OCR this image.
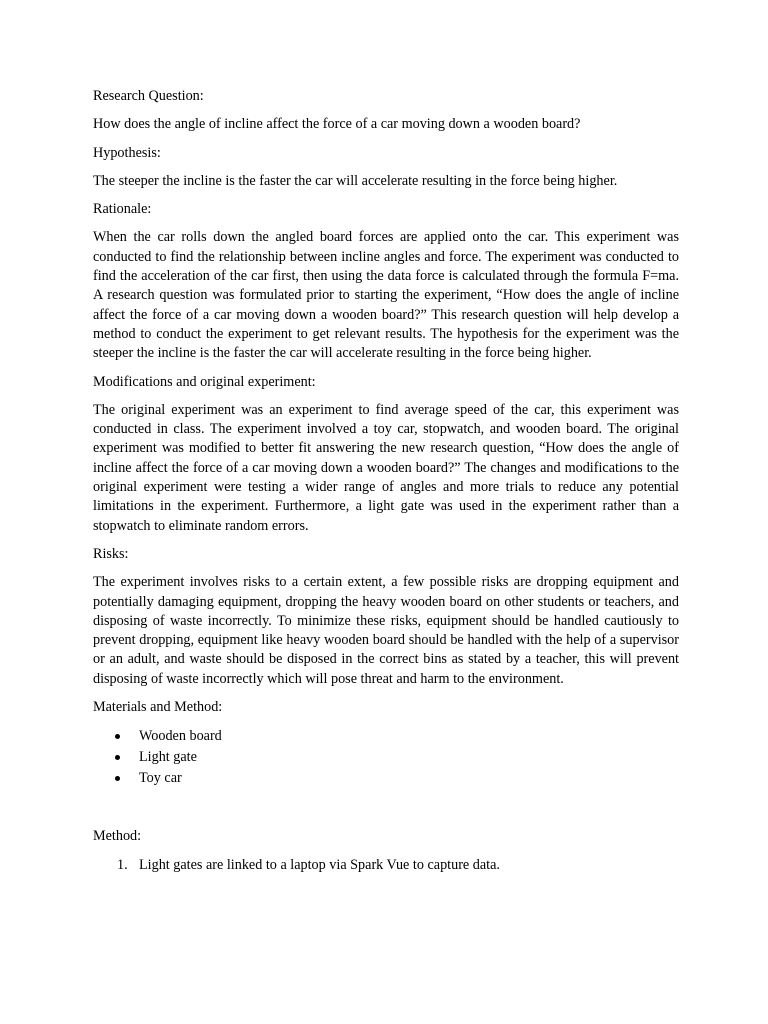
Research Question:

How does the angle of incline affect the force of a car moving down a wooden board?

Hypothesis:

The steeper the incline is the faster the car will accelerate resulting in the force being higher.

Rationale:

When the car rolls down the angled board forces are applied onto the car. This experiment was conducted to find the relationship between incline angles and force. The experiment was conducted to find the acceleration of the car first, then using the data force is calculated through the formula F=ma. A research question was formulated prior to starting the experiment, “How does the angle of incline affect the force of a car moving down a wooden board?” This research question will help develop a method to conduct the experiment to get relevant results. The hypothesis for the experiment was the steeper the incline is the faster the car will accelerate resulting in the force being higher.

Modifications and original experiment:

The original experiment was an experiment to find average speed of the car, this experiment was conducted in class. The experiment involved a toy car, stopwatch, and wooden board. The original experiment was modified to better fit answering the new research question, “How does the angle of incline affect the force of a car moving down a wooden board?” The changes and modifications to the original experiment were testing a wider range of angles and more trials to reduce any potential limitations in the experiment. Furthermore, a light gate was used in the experiment rather than a stopwatch to eliminate random errors.

Risks:

The experiment involves risks to a certain extent, a few possible risks are dropping equipment and potentially damaging equipment, dropping the heavy wooden board on other students or teachers, and disposing of waste incorrectly. To minimize these risks, equipment should be handled cautiously to prevent dropping, equipment like heavy wooden board should be handled with the help of a supervisor or an adult, and waste should be disposed in the correct bins as stated by a teacher, this will prevent disposing of waste incorrectly which will pose threat and harm to the environment.

Materials and Method:

Wooden board
Light gate
Toy car

Method:

1. Light gates are linked to a laptop via Spark Vue to capture data.
